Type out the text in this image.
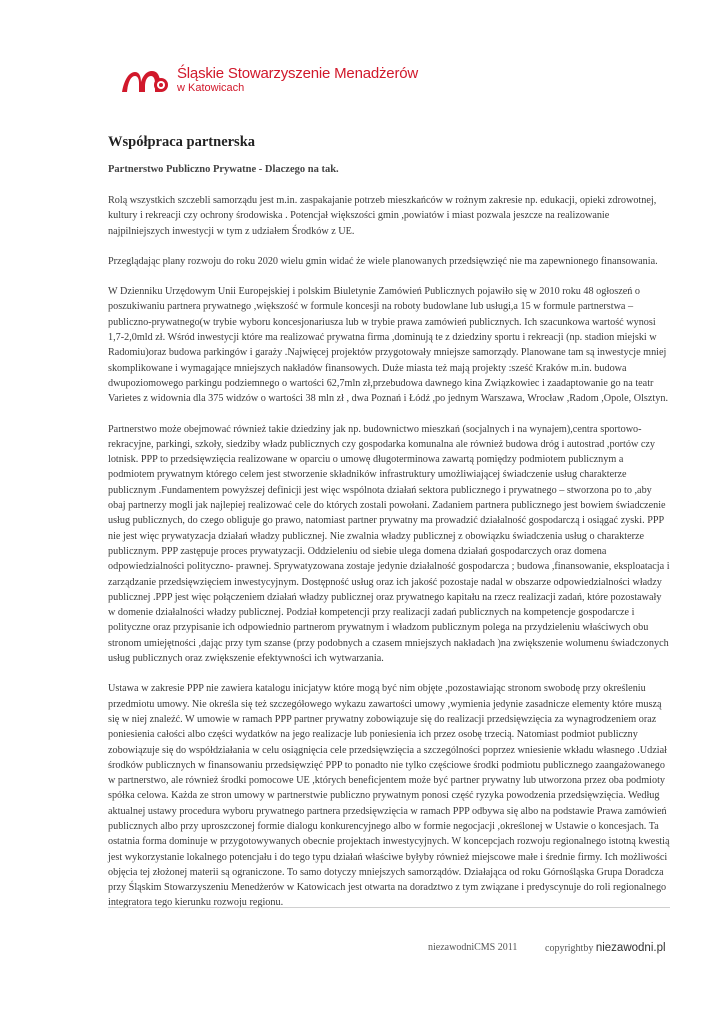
Śląskie Stowarzyszenie Menadżerów
w Katowicach
Współpraca partnerska
Partnerstwo Publiczno Prywatne - Dlaczego na tak.

Rolą wszystkich szczebli samorządu jest m.in. zaspakajanie potrzeb mieszkańców w rożnym zakresie np. edukacji, opieki zdrowotnej, kultury i rekreacji czy ochrony środowiska . Potencjał większości gmin ,powiatów i miast pozwala jeszcze na realizowanie najpilniejszych inwestycji w tym z udziałem Środków z UE.

Przeglądając plany rozwoju do roku 2020 wielu gmin widać że wiele planowanych przedsięwzięć nie ma zapewnionego finansowania.

W Dzienniku Urzędowym Unii Europejskiej i polskim Biuletynie Zamówień Publicznych pojawiło się w 2010 roku 48 ogłoszeń o poszukiwaniu partnera prywatnego ,większość w formule koncesji na roboty budowlane lub usługi,a 15 w formule partnerstwa – publiczno-prywatnego(w trybie wyboru koncesjonariusza lub w trybie prawa zamówień publicznych. Ich szacunkowa wartość wynosi 1,7-2,0mld zł. Wśród inwestycji które ma realizować prywatna firma ,dominują te z dziedziny sportu i rekreacji (np. stadion miejski w Radomiu)oraz budowa parkingów i garaży .Najwięcej projektów przygotowały mniejsze samorządy. Planowane tam są inwestycje mniej skomplikowane i wymagające mniejszych nakładów finansowych. Duże miasta też mają projekty :sześć Kraków m.in. budowa dwupoziomowego parkingu podziemnego o wartości 62,7mln zł,przebudowa dawnego kina Związkowiec i zaadaptowanie go na teatr Varietes z widownia dla 375 widzów o wartości 38 mln zł , dwa Poznań i Łódź ,po jednym Warszawa, Wrocław ,Radom ,Opole, Olsztyn.

Partnerstwo może obejmować również takie dziedziny jak np. budownictwo mieszkań (socjalnych i na wynajem),centra sportowo-rekracyjne, parkingi, szkoły, siedziby władz publicznych czy gospodarka komunalna ale również budowa dróg i autostrad ,portów czy lotnisk. PPP to przedsięwzięcia realizowane w oparciu o umowę długoterminowa zawartą pomiędzy podmiotem publicznym a podmiotem prywatnym którego celem jest stworzenie składników infrastruktury umożliwiającej świadczenie usług charakterze publicznym .Fundamentem powyższej definicji jest więc wspólnota działań sektora publicznego i prywatnego – stworzona po to ,aby obaj partnerzy mogli jak najlepiej realizować cele do których zostali powołani. Zadaniem partnera publicznego jest bowiem świadczenie usług publicznych, do czego obliguje go prawo, natomiast partner prywatny ma prowadzić działalność gospodarczą i osiągać zyski. PPP nie jest więc prywatyzacja działań władzy publicznej. Nie zwalnia władzy publicznej z obowiązku świadczenia usług o charakterze publicznym. PPP zastępuje proces prywatyzacji. Oddzieleniu od siebie ulega domena działań gospodarczych oraz domena odpowiedzialności polityczno- prawnej. Sprywatyzowana zostaje jedynie działalność gospodarcza ; budowa ,finansowanie, eksploatacja i zarządzanie przedsięwzięciem inwestycyjnym. Dostępność usług oraz ich jakość pozostaje nadal w obszarze odpowiedzialności władzy publicznej .PPP jest więc połączeniem działań władzy publicznej oraz prywatnego kapitału na rzecz realizacji zadań, które pozostawały w domenie działalności władzy publicznej. Podział kompetencji przy realizacji zadań publicznych na kompetencje gospodarcze i polityczne oraz przypisanie ich odpowiednio partnerom prywatnym i władzom publicznym polega na przydzieleniu właściwych obu stronom umiejętności ,dając przy tym szanse (przy podobnych a czasem mniejszych nakładach )na zwiększenie wolumenu świadczonych usług publicznych oraz zwiększenie efektywności ich wytwarzania.

Ustawa w zakresie PPP nie zawiera katalogu inicjatyw które mogą być nim objęte ,pozostawiając stronom swobodę przy określeniu przedmiotu umowy. Nie określa się też szczegółowego wykazu zawartości umowy ,wymienia jedynie zasadnicze elementy które muszą się w niej znaleźć. W umowie w ramach PPP partner prywatny zobowiązuje się do realizacji przedsięwzięcia za wynagrodzeniem oraz poniesienia całości albo części wydatków na jego realizacje lub poniesienia ich przez osobę trzecią. Natomiast podmiot publiczny zobowiązuje się do współdziałania w celu osiągnięcia cele przedsięwzięcia a szczególności poprzez wniesienie wkładu własnego .Udział środków publicznych w finansowaniu przedsięwzięć PPP to ponadto nie tylko częściowe środki podmiotu publicznego zaangażowanego w partnerstwo, ale również środki pomocowe UE ,których beneficjentem może być partner prywatny lub utworzona przez oba podmioty spółka celowa. Każda ze stron umowy w partnerstwie publiczno prywatnym ponosi część ryzyka powodzenia przedsięwzięcia. Według aktualnej ustawy procedura wyboru prywatnego partnera przedsięwzięcia w ramach PPP odbywa się albo na podstawie Prawa zamówień publicznych albo przy uproszczonej formie dialogu konkurencyjnego albo w formie negocjacji ,określonej w Ustawie o koncesjach. Ta ostatnia forma dominuje w przygotowywanych obecnie projektach inwestycyjnych. W koncepcjach rozwoju regionalnego istotną kwestią jest wykorzystanie lokalnego potencjału i do tego typu działań właściwe byłyby również miejscowe małe i średnie firmy. Ich możliwości objęcia tej złożonej materii są ograniczone. To samo dotyczy mniejszych samorządów. Działająca od roku Górnośląska Grupa Doradcza przy Śląskim Stowarzyszeniu Menedżerów w Katowicach jest otwarta na doradztwo z tym związane i predyscynuje do roli regionalnego integratora tego kierunku rozwoju regionu.

niezawodniCMS 2011	copyrightby niezawodni.pl
